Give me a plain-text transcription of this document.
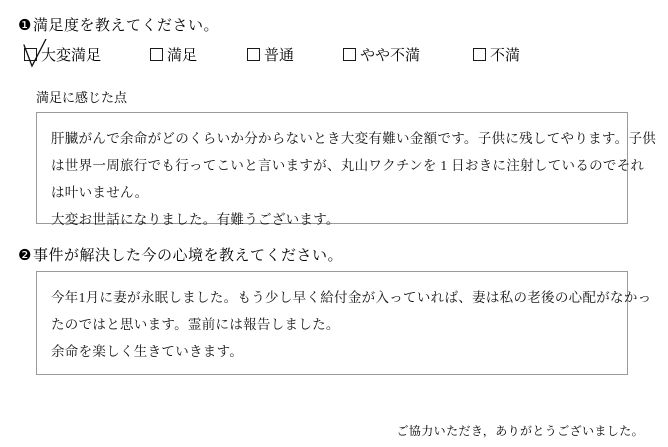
❶ 満足度を教えてください。
大変満足	満足	普通	やや不満	不満
満足に感じた点

肝臓がんで余命がどのくらいか分からないとき大変有難い金額です。子供に残してやります。子供

は世界一周旅行でも行ってこいと言いますが、丸山ワクチンを 1 日おきに注射しているのでそれ

は叶いません。

大変お世話になりました。有難うございます。

❷ 事件が解決した今の心境を教えてください。

今年1月に妻が永眠しました。もう少し早く給付金が入っていれば、妻は私の老後の心配がなかっ

たのではと思います。霊前には報告しました。

余命を楽しく生きていきます。

ご協力いただき，ありがとうございました。
